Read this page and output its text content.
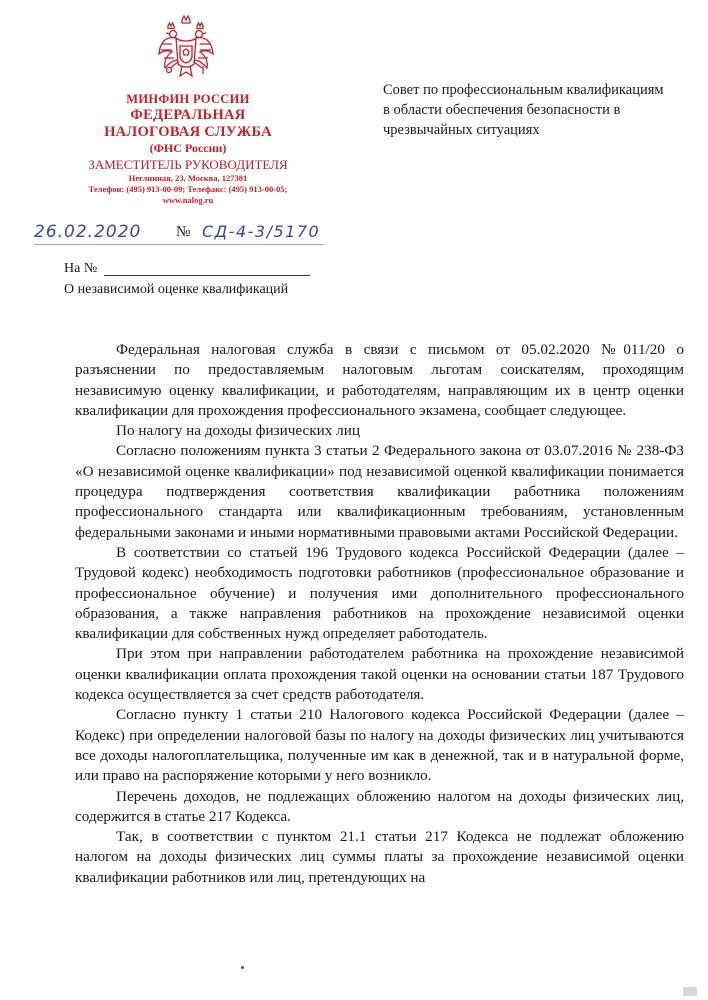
МИНФИН РОССИИ
ФЕДЕРАЛЬНАЯ
НАЛОГОВАЯ СЛУЖБА
(ФНС России)
ЗАМЕСТИТЕЛЬ РУКОВОДИТЕЛЯ
Неглинная, 23, Москва, 127381
Телефон: (495) 913-00-09; Телефакс: (495) 913-00-05;
www.nalog.ru
26.02.2020	№ СД-4-3/5170
На №
О независимой оценке квалификаций
Совет по профессиональным квалификациям в области обеспечения безопасности в чрезвычайных ситуациях

Федеральная налоговая служба в связи с письмом от 05.02.2020 №011/20 о разъяснении по предоставляемым налоговым льготам соискателям, проходящим независимую оценку квалификации, и работодателям, направляющим их в центр оценки квалификации для прохождения профессионального экзамена, сообщает следующее.

По налогу на доходы физических лиц

Согласно положениям пункта 3 статьи 2 Федерального закона от 03.07.2016 № 238-ФЗ «О независимой оценке квалификации» под независимой оценкой квалификации понимается процедура подтверждения соответствия квалификации работника положениям профессионального стандарта или квалификационным требованиям, установленным федеральными законами и иными нормативными правовыми актами Российской Федерации.

В соответствии со статьей 196 Трудового кодекса Российской Федерации (далее – Трудовой кодекс) необходимость подготовки работников (профессиональное образование и профессиональное обучение) и получения ими дополнительного профессионального образования, а также направления работников на прохождение независимой оценки квалификации для собственных нужд определяет работодатель.

При этом при направлении работодателем работника на прохождение независимой оценки квалификации оплата прохождения такой оценки на основании статьи 187 Трудового кодекса осуществляется за счет средств работодателя.

Согласно пункту 1 статьи 210 Налогового кодекса Российской Федерации (далее – Кодекс) при определении налоговой базы по налогу на доходы физических лиц учитываются все доходы налогоплательщика, полученные им как в денежной, так и в натуральной форме, или право на распоряжение которыми у него возникло.

Перечень доходов, не подлежащих обложению налогом на доходы физических лиц, содержится в статье 217 Кодекса.

Так, в соответствии с пунктом 21.1 статьи 217 Кодекса не подлежат обложению налогом на доходы физических лиц суммы платы за прохождение независимой оценки квалификации работников или лиц, претендующих на
